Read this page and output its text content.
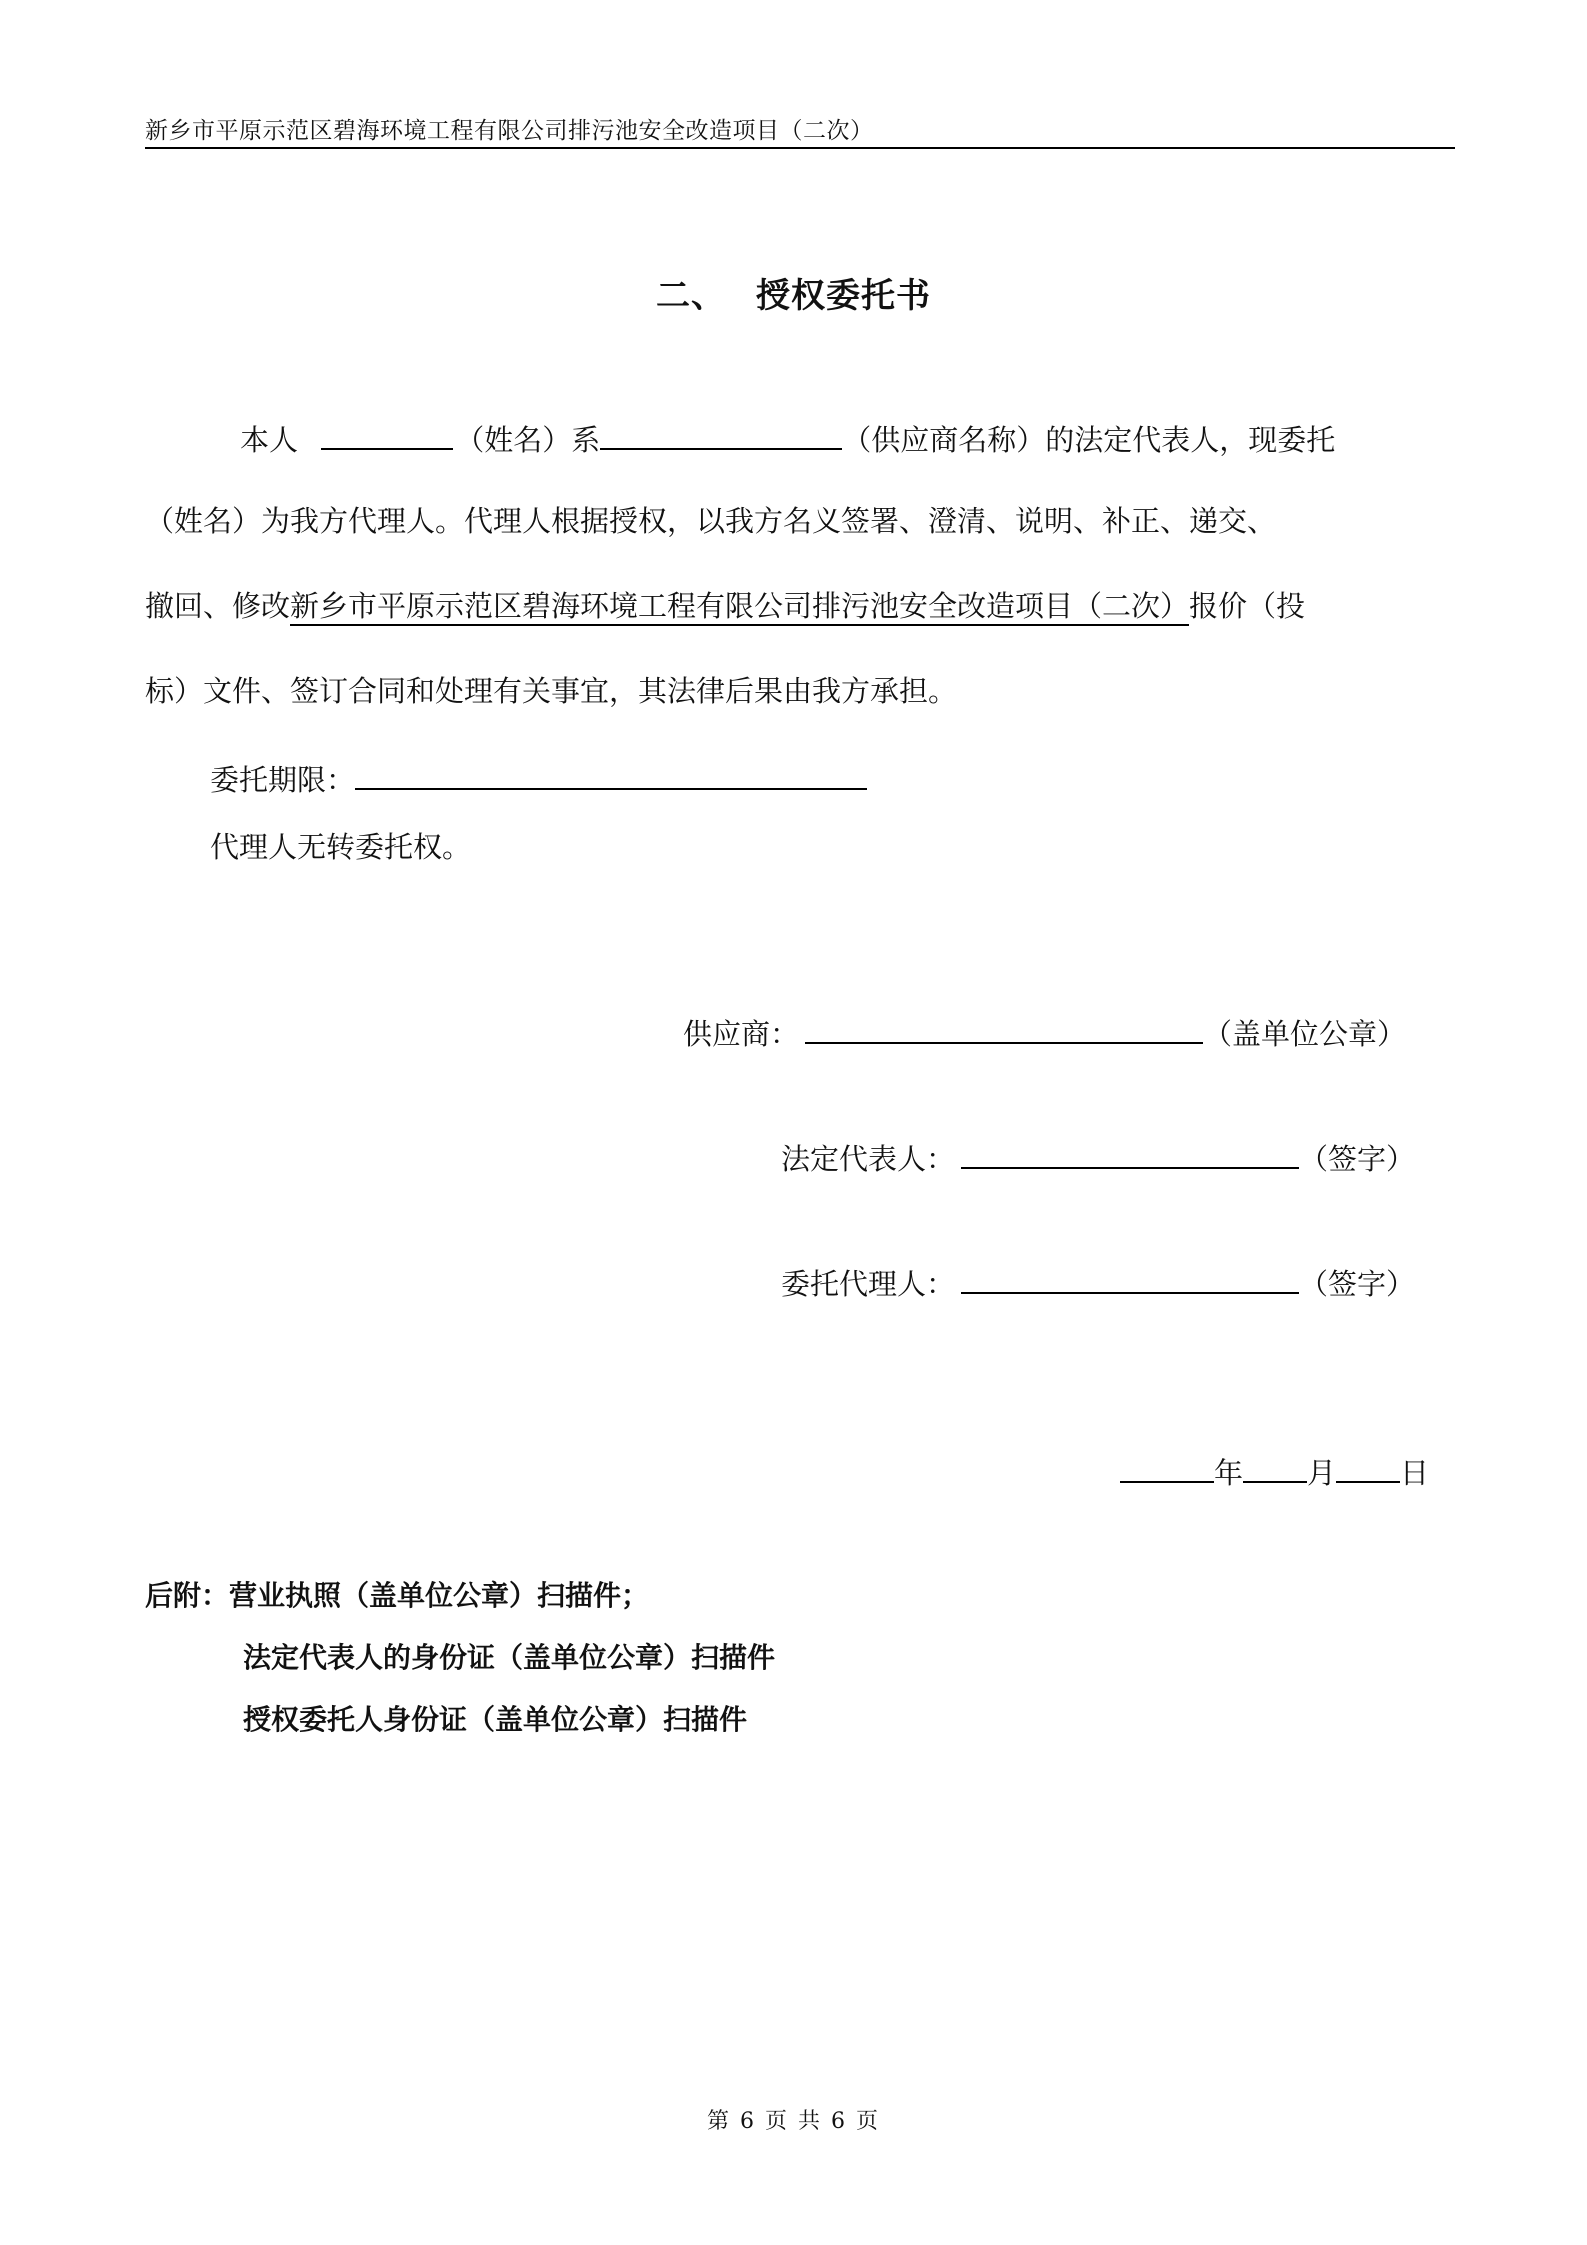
新乡市平原示范区碧海环境工程有限公司排污池安全改造项目（二次）
二、 授权委托书
本人	（姓名）系	（供应商名称）的法定代表人，现委托
（姓名）为我方代理人。代理人根据授权，以我方名义签署、澄清、说明、补正、递交、
撤回、修改新乡市平原示范区碧海环境工程有限公司排污池安全改造项目（二次）报价（投
标）文件、签订合同和处理有关事宜，其法律后果由我方承担。
委托期限：
代理人无转委托权。
供应商：	（盖单位公章）
法定代表人：	（签字）
委托代理人：	（签字）
年 月 日
后附：营业执照（盖单位公章）扫描件；
法定代表人的身份证（盖单位公章）扫描件
授权委托人身份证（盖单位公章）扫描件
第 6 页 共 6 页
